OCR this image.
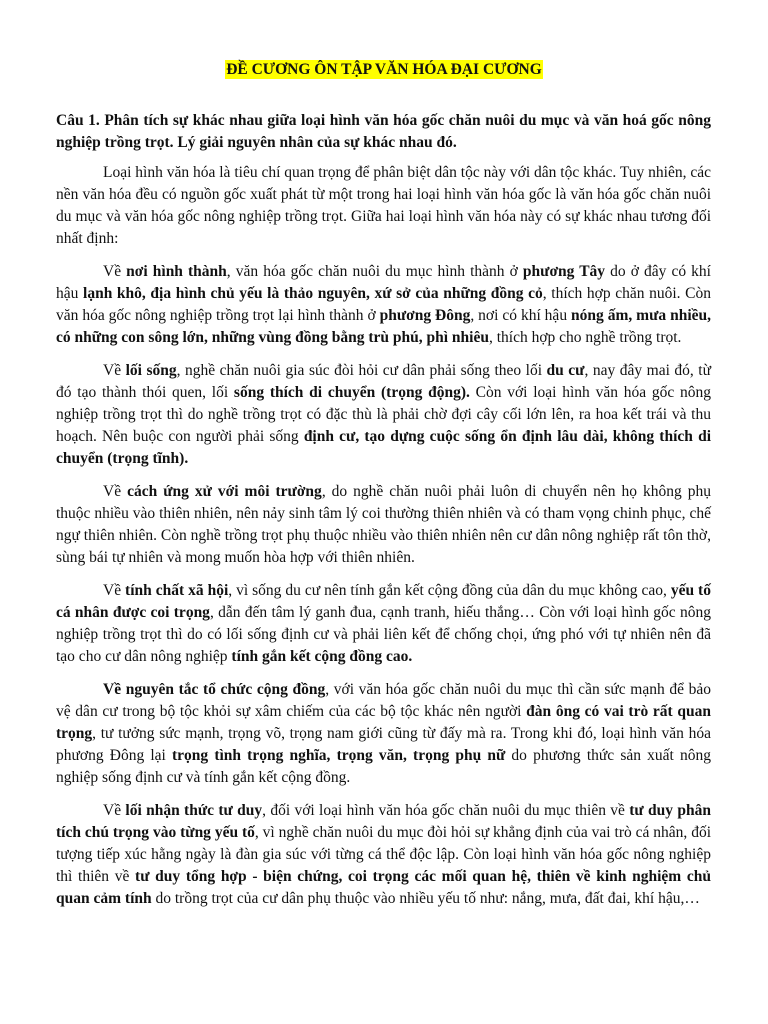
ĐỀ CƯƠNG ÔN TẬP VĂN HÓA ĐẠI CƯƠNG

Câu 1. Phân tích sự khác nhau giữa loại hình văn hóa gốc chăn nuôi du mục và văn hoá gốc nông nghiệp trồng trọt. Lý giải nguyên nhân của sự khác nhau đó.

Loại hình văn hóa là tiêu chí quan trọng để phân biệt dân tộc này với dân tộc khác. Tuy nhiên, các nền văn hóa đều có nguồn gốc xuất phát từ một trong hai loại hình văn hóa gốc là văn hóa gốc chăn nuôi du mục và văn hóa gốc nông nghiệp trồng trọt. Giữa hai loại hình văn hóa này có sự khác nhau tương đối nhất định:

Về nơi hình thành, văn hóa gốc chăn nuôi du mục hình thành ở phương Tây do ở đây có khí hậu lạnh khô, địa hình chủ yếu là thảo nguyên, xứ sở của những đồng cỏ, thích hợp chăn nuôi. Còn văn hóa gốc nông nghiệp trồng trọt lại hình thành ở phương Đông, nơi có khí hậu nóng ấm, mưa nhiều, có những con sông lớn, những vùng đồng bằng trù phú, phì nhiêu, thích hợp cho nghề trồng trọt.

Về lối sống, nghề chăn nuôi gia súc đòi hỏi cư dân phải sống theo lối du cư, nay đây mai đó, từ đó tạo thành thói quen, lối sống thích di chuyển (trọng động). Còn với loại hình văn hóa gốc nông nghiệp trồng trọt thì do nghề trồng trọt có đặc thù là phải chờ đợi cây cối lớn lên, ra hoa kết trái và thu hoạch. Nên buộc con người phải sống định cư, tạo dựng cuộc sống ổn định lâu dài, không thích di chuyển (trọng tĩnh).

Về cách ứng xử với môi trường, do nghề chăn nuôi phải luôn di chuyển nên họ không phụ thuộc nhiều vào thiên nhiên, nên nảy sinh tâm lý coi thường thiên nhiên và có tham vọng chinh phục, chế ngự thiên nhiên. Còn nghề trồng trọt phụ thuộc nhiều vào thiên nhiên nên cư dân nông nghiệp rất tôn thờ, sùng bái tự nhiên và mong muốn hòa hợp với thiên nhiên.

Về tính chất xã hội, vì sống du cư nên tính gắn kết cộng đồng của dân du mục không cao, yếu tố cá nhân được coi trọng, dẫn đến tâm lý ganh đua, cạnh tranh, hiếu thắng… Còn với loại hình gốc nông nghiệp trồng trọt thì do có lối sống định cư và phải liên kết để chống chọi, ứng phó với tự nhiên nên đã tạo cho cư dân nông nghiệp tính gắn kết cộng đồng cao.

Về nguyên tắc tổ chức cộng đồng, với văn hóa gốc chăn nuôi du mục thì cần sức mạnh để bảo vệ dân cư trong bộ tộc khỏi sự xâm chiếm của các bộ tộc khác nên người đàn ông có vai trò rất quan trọng, tư tưởng sức mạnh, trọng võ, trọng nam giới cũng từ đấy mà ra. Trong khi đó, loại hình văn hóa phương Đông lại trọng tình trọng nghĩa, trọng văn, trọng phụ nữ do phương thức sản xuất nông nghiệp sống định cư và tính gắn kết cộng đồng.

Về lối nhận thức tư duy, đối với loại hình văn hóa gốc chăn nuôi du mục thiên về tư duy phân tích chú trọng vào từng yếu tố, vì nghề chăn nuôi du mục đòi hỏi sự khẳng định của vai trò cá nhân, đối tượng tiếp xúc hằng ngày là đàn gia súc với từng cá thể độc lập. Còn loại hình văn hóa gốc nông nghiệp thì thiên về tư duy tổng hợp - biện chứng, coi trọng các mối quan hệ, thiên về kinh nghiệm chủ quan cảm tính do trồng trọt của cư dân phụ thuộc vào nhiều yếu tố như: nắng, mưa, đất đai, khí hậu,…
